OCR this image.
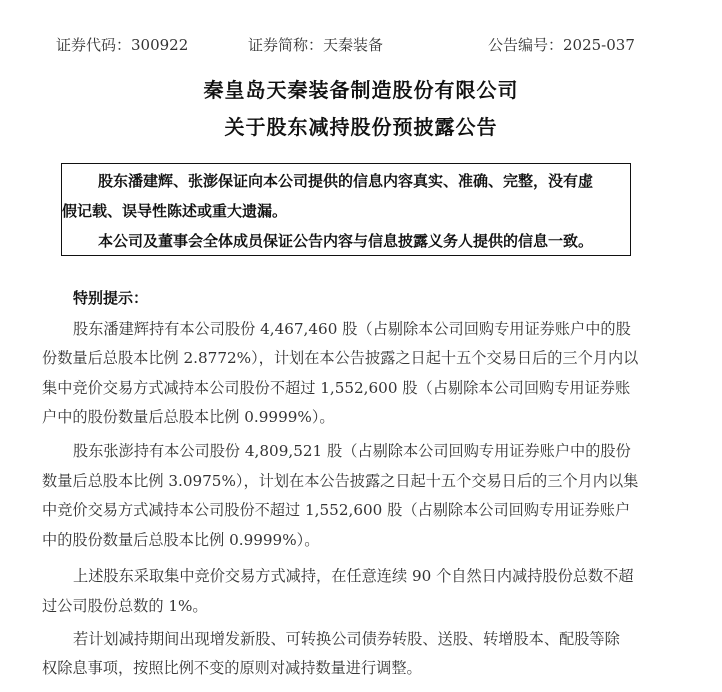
证券代码：300922	证券简称：天秦装备	公告编号：2025-037
秦皇岛天秦装备制造股份有限公司
关于股东减持股份预披露公告

股东潘建辉、张澎保证向本公司提供的信息内容真实、准确、完整，没有虚

假记载、误导性陈述或重大遗漏。

本公司及董事会全体成员保证公告内容与信息披露义务人提供的信息一致。

特别提示：
股东潘建辉持有本公司股份 4,467,460 股（占剔除本公司回购专用证券账户中的股
份数量后总股本比例 2.8772%），计划在本公告披露之日起十五个交易日后的三个月内以
集中竞价交易方式减持本公司股份不超过 1,552,600 股（占剔除本公司回购专用证券账
户中的股份数量后总股本比例 0.9999%）。
股东张澎持有本公司股份 4,809,521 股（占剔除本公司回购专用证券账户中的股份
数量后总股本比例 3.0975%），计划在本公告披露之日起十五个交易日后的三个月内以集
中竞价交易方式减持本公司股份不超过 1,552,600 股（占剔除本公司回购专用证券账户
中的股份数量后总股本比例 0.9999%）。
上述股东采取集中竞价交易方式减持，在任意连续 90 个自然日内减持股份总数不超
过公司股份总数的 1%。
若计划减持期间出现增发新股、可转换公司债券转股、送股、转增股本、配股等除
权除息事项，按照比例不变的原则对减持数量进行调整。
